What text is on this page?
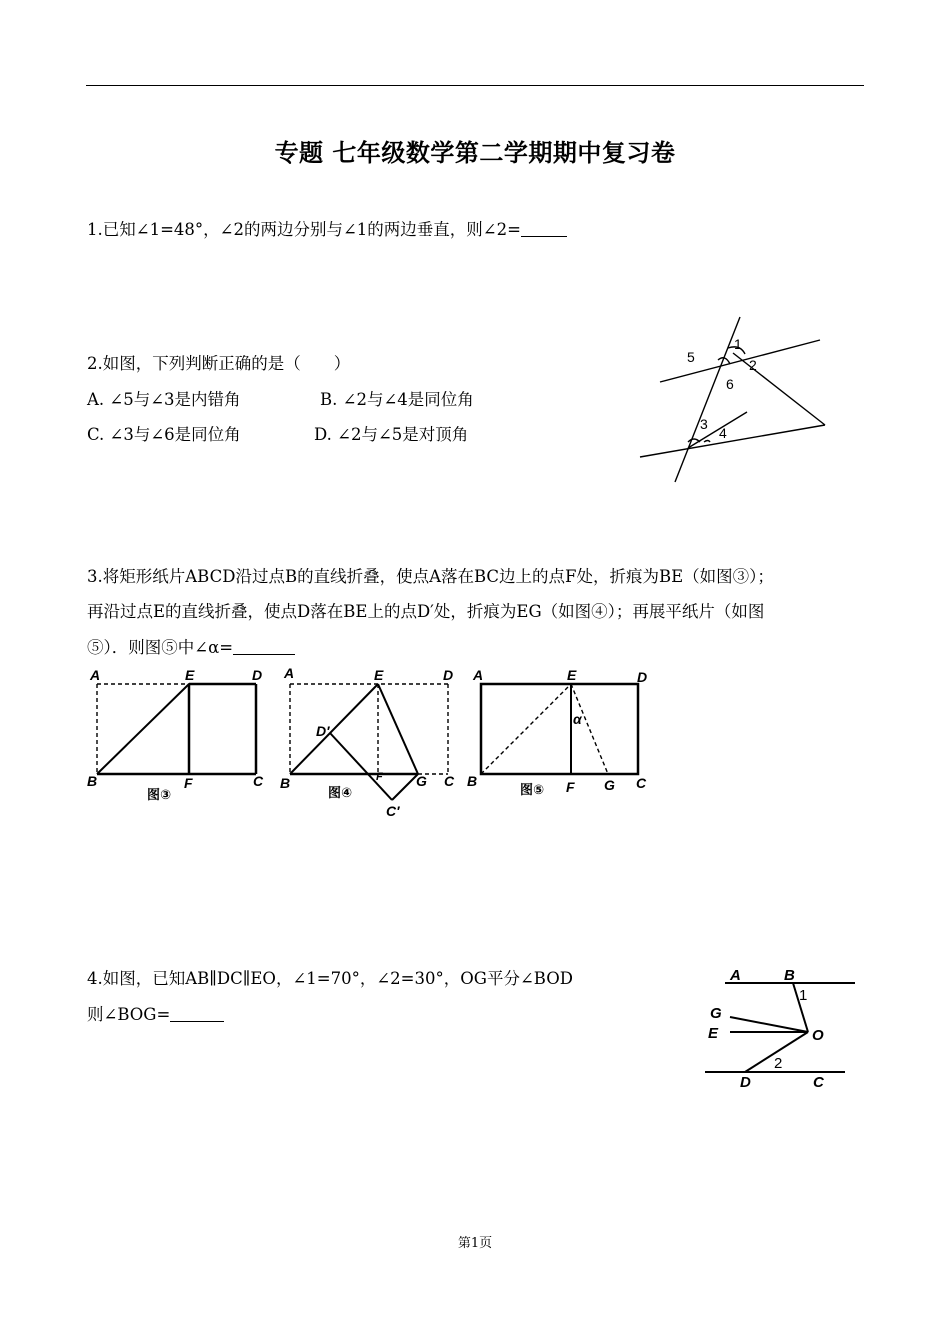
专题 七年级数学第二学期期中复习卷
1.已知∠1=48°，∠2的两边分别与∠1的两边垂直，则∠2=
2.如图，下列判断正确的是（　　）
A. ∠5与∠3是内错角	B. ∠2与∠4是同位角
C. ∠3与∠6是同位角	D. ∠2与∠5是对顶角
5
1
2
6
3
4
3.将矩形纸片ABCD沿过点B的直线折叠，使点A落在BC边上的点F处，折痕为BE（如图③）；
再沿过点E的直线折叠，使点D落在BE上的点D′处，折痕为EG（如图④）；再展平纸片（如图
⑤）．则图⑤中∠α=
A	E	D
B	F	C
图③
A	E	D
D′
B	F G C
C′
图④
A	E	D
α
B	F G C
图⑤
4.如图，已知AB∥DC∥EO，∠1=70°，∠2=30°，OG平分∠BOD
则∠BOG=
A	B
1
G
E	O
2
D	C
第1页
